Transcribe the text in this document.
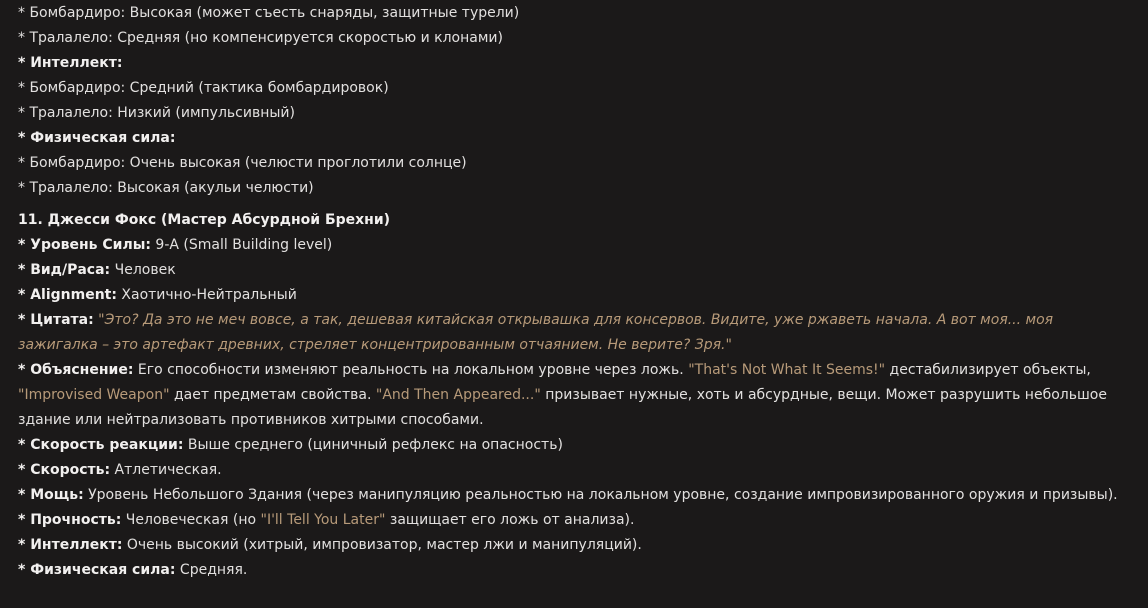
* Бомбардиро: Высокая (может съесть снаряды, защитные турели)

* Тралалело: Средняя (но компенсируется скоростью и клонами)

* Интеллект:

* Бомбардиро: Средний (тактика бомбардировок)

* Тралалело: Низкий (импульсивный)

* Физическая сила:

* Бомбардиро: Очень высокая (челюсти проглотили солнце)

* Тралалело: Высокая (акульи челюсти)

11. Джесси Фокс (Мастер Абсурдной Брехни)

* Уровень Силы: 9-A (Small Building level)

* Вид/Раса: Человек

* Alignment: Хаотично-Нейтральный

* Цитата: "Это? Да это не меч вовсе, а так, дешевая китайская открывашка для консервов. Видите, уже ржаветь начала. А вот моя... моя зажигалка – это артефакт древних, стреляет концентрированным отчаянием. Не верите? Зря."

* Объяснение: Его способности изменяют реальность на локальном уровне через ложь. "That's Not What It Seems!" дестабилизирует объекты, "Improvised Weapon" дает предметам свойства. "And Then Appeared..." призывает нужные, хоть и абсурдные, вещи. Может разрушить небольшое здание или нейтрализовать противников хитрыми способами.

* Скорость реакции: Выше среднего (циничный рефлекс на опасность)

* Скорость: Атлетическая.

* Мощь: Уровень Небольшого Здания (через манипуляцию реальностью на локальном уровне, создание импровизированного оружия и призывы).

* Прочность: Человеческая (но "I'll Tell You Later" защищает его ложь от анализа).

* Интеллект: Очень высокий (хитрый, импровизатор, мастер лжи и манипуляций).

* Физическая сила: Средняя.
